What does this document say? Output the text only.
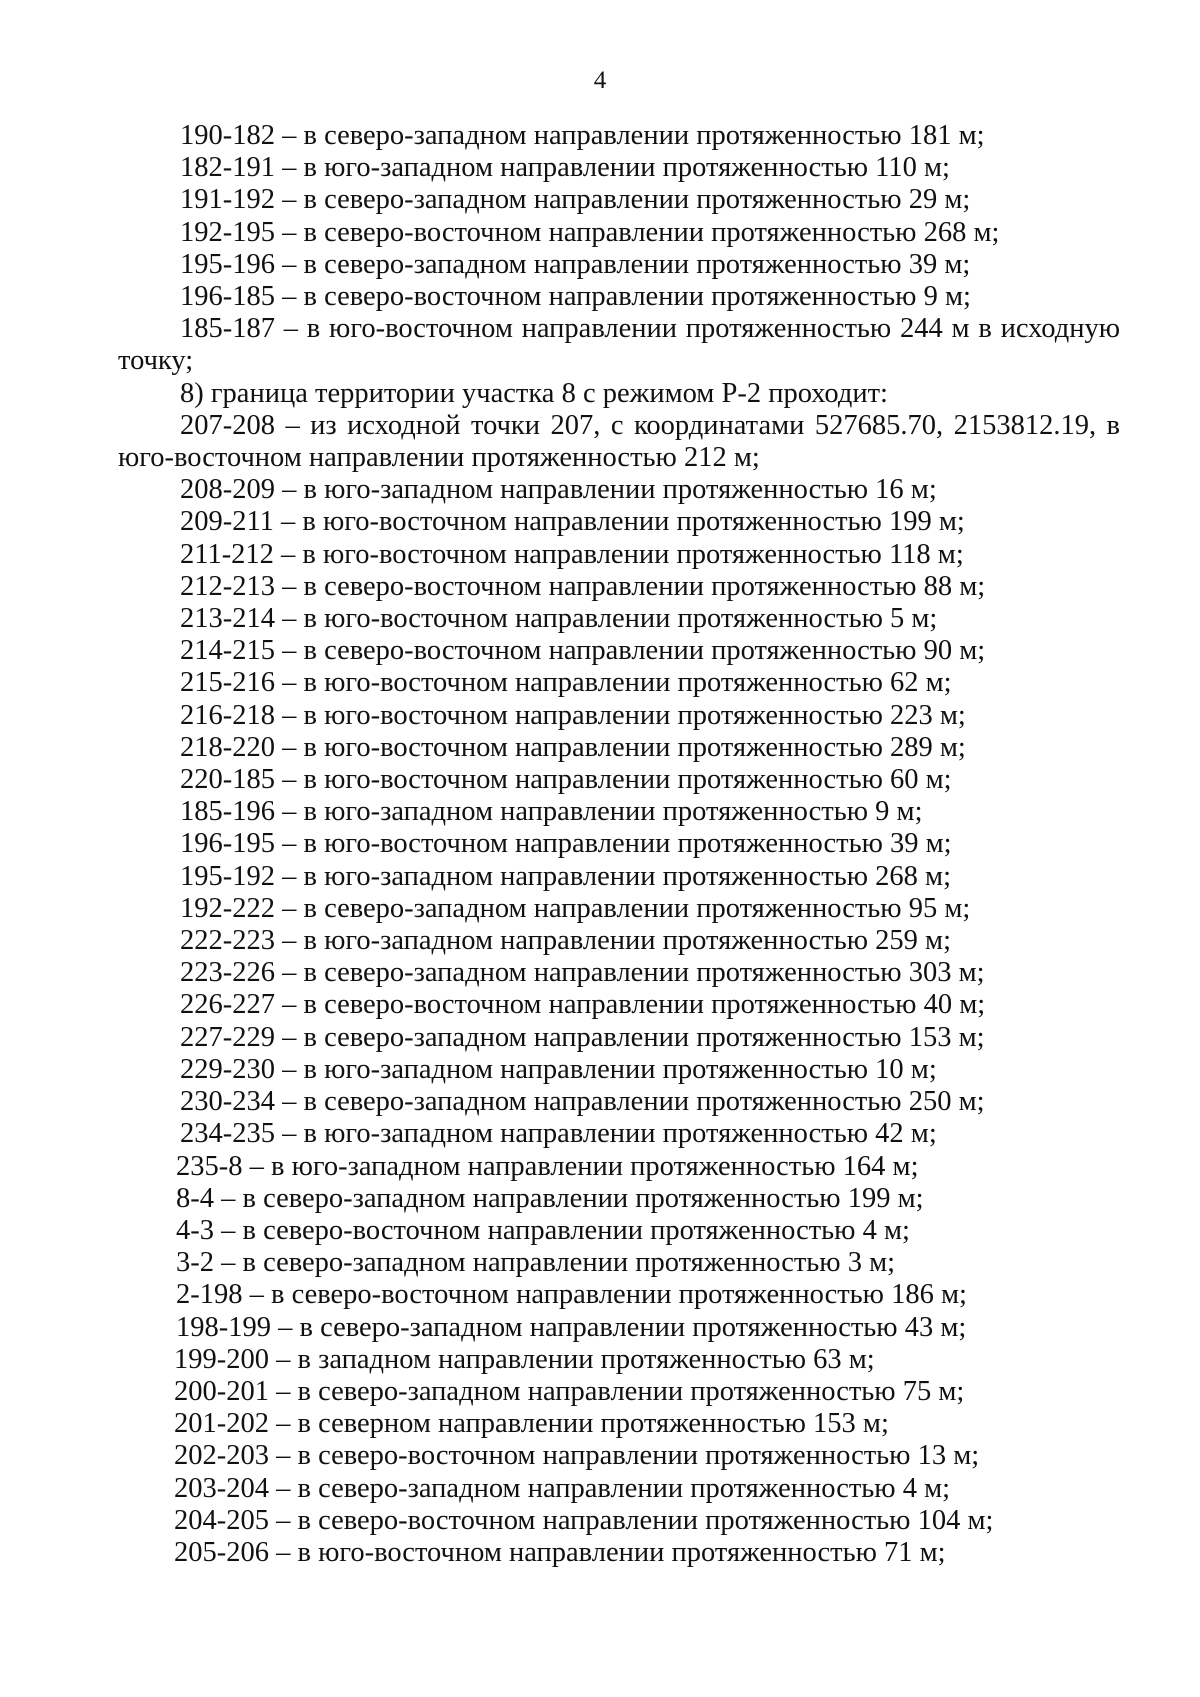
4

190-182 – в северо-западном направлении протяженностью 181 м;

182-191 – в юго-западном направлении протяженностью 110 м;

191-192 – в северо-западном направлении протяженностью 29 м;

192-195 – в северо-восточном направлении протяженностью 268 м;

195-196 – в северо-западном направлении протяженностью 39 м;

196-185 – в северо-восточном направлении протяженностью 9 м;

185-187 – в юго-восточном направлении протяженностью 244 м в исходную точку;

8) граница территории участка 8 с режимом Р-2 проходит:

207-208 – из исходной точки 207, с координатами 527685.70, 2153812.19, в юго-восточном направлении протяженностью 212 м;

208-209 – в юго-западном направлении протяженностью 16 м;

209-211 – в юго-восточном направлении протяженностью 199 м;

211-212 – в юго-восточном направлении протяженностью 118 м;

212-213 – в северо-восточном направлении протяженностью 88 м;

213-214 – в юго-восточном направлении протяженностью 5 м;

214-215 – в северо-восточном направлении протяженностью 90 м;

215-216 – в юго-восточном направлении протяженностью 62 м;

216-218 – в юго-восточном направлении протяженностью 223 м;

218-220 – в юго-восточном направлении протяженностью 289 м;

220-185 – в юго-восточном направлении протяженностью 60 м;

185-196 – в юго-западном направлении протяженностью 9 м;

196-195 – в юго-восточном направлении протяженностью 39 м;

195-192 – в юго-западном направлении протяженностью 268 м;

192-222 – в северо-западном направлении протяженностью 95 м;

222-223 – в юго-западном направлении протяженностью 259 м;

223-226 – в северо-западном направлении протяженностью 303 м;

226-227 – в северо-восточном направлении протяженностью 40 м;

227-229 – в северо-западном направлении протяженностью 153 м;

229-230 – в юго-западном направлении протяженностью 10 м;

230-234 – в северо-западном направлении протяженностью 250 м;

234-235 – в юго-западном направлении протяженностью 42 м;

235-8 – в юго-западном направлении протяженностью 164 м;

8-4 – в северо-западном направлении протяженностью 199 м;

4-3 – в северо-восточном направлении протяженностью 4 м;

3-2 – в северо-западном направлении протяженностью 3 м;

2-198 – в северо-восточном направлении протяженностью 186 м;

198-199 – в северо-западном направлении протяженностью 43 м;

199-200 – в западном направлении протяженностью 63 м;

200-201 – в северо-западном направлении протяженностью 75 м;

201-202 – в северном направлении протяженностью 153 м;

202-203 – в северо-восточном направлении протяженностью 13 м;

203-204 – в северо-западном направлении протяженностью 4 м;

204-205 – в северо-восточном направлении протяженностью 104 м;

205-206 – в юго-восточном направлении протяженностью 71 м;
